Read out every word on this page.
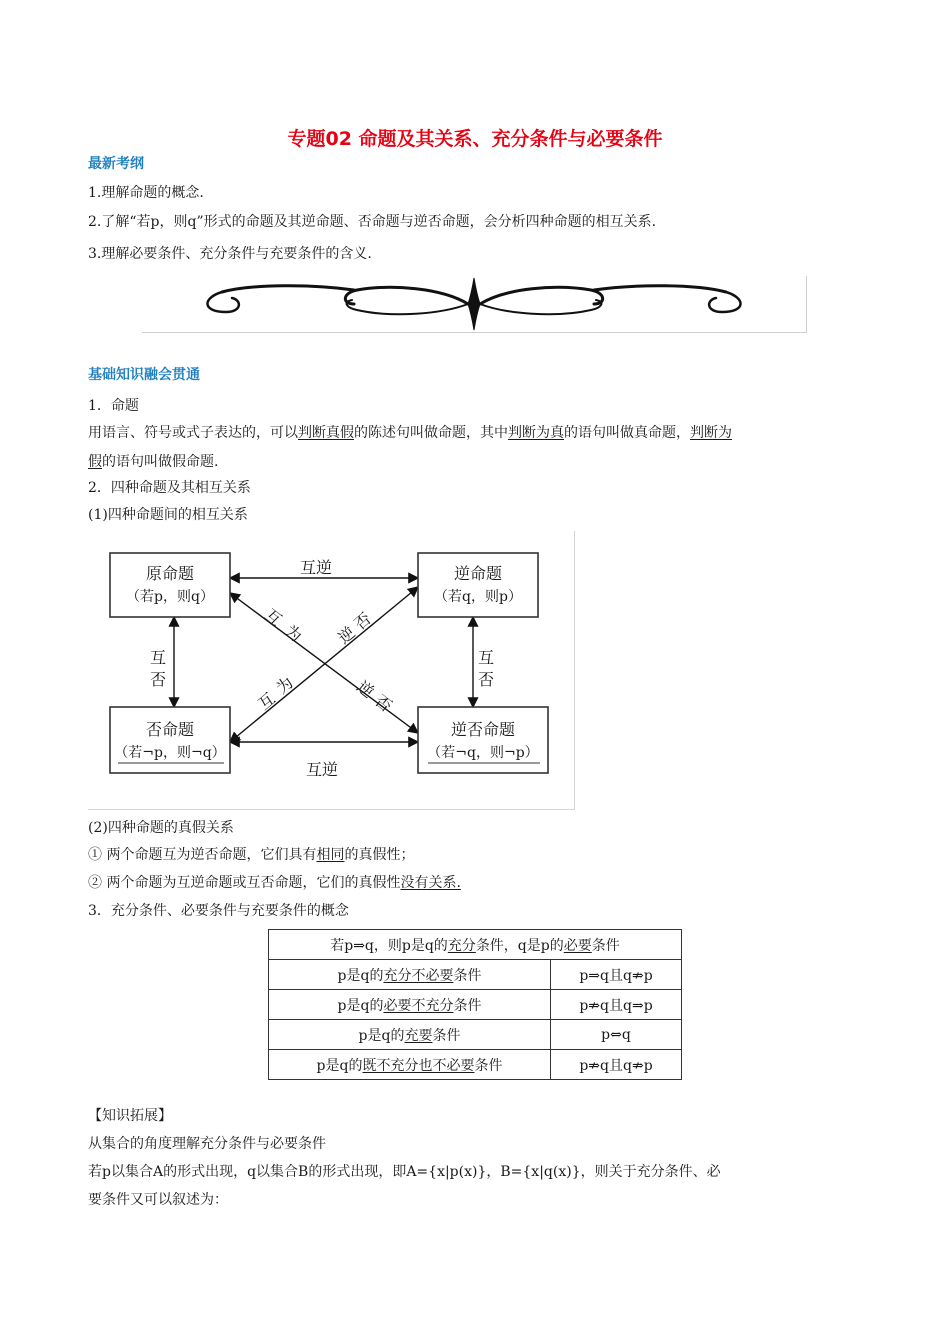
专题02 命题及其关系、充分条件与必要条件
最新考纲
1.理解命题的概念.
2.了解“若p，则q”形式的命题及其逆命题、否命题与逆否命题，会分析四种命题的相互关系.
3.理解必要条件、充分条件与充要条件的含义.
基础知识融会贯通
1．命题
用语言、符号或式子表达的，可以判断真假的陈述句叫做命题，其中判断为真的语句叫做真命题，判断为
假的语句叫做假命题.
2．四种命题及其相互关系
(1)四种命题间的相互关系
原命题
（若p，则q）
逆命题
（若q，则p）
否命题
（若¬p，则¬q）
逆否命题
（若¬q，则¬p）
互逆
互逆
互
否
互
否
互
为 逆
否
互
为	逆
否
(2)四种命题的真假关系
① 两个命题互为逆否命题，它们具有相同的真假性；
② 两个命题为互逆命题或互否命题，它们的真假性没有关系.
3．充分条件、必要条件与充要条件的概念
若p⇒q，则p是q的充分条件，q是p的必要条件	
p是q的充分不必要条件	p⇒q且q⇏p
p是q的必要不充分条件	p⇏q且q⇒p
p是q的充要条件	p⇔q
p是q的既不充分也不必要条件	p⇏q且q⇏p
【知识拓展】
从集合的角度理解充分条件与必要条件
若p以集合A的形式出现，q以集合B的形式出现，即A={x|p(x)}，B={x|q(x)}，则关于充分条件、必
要条件又可以叙述为：
